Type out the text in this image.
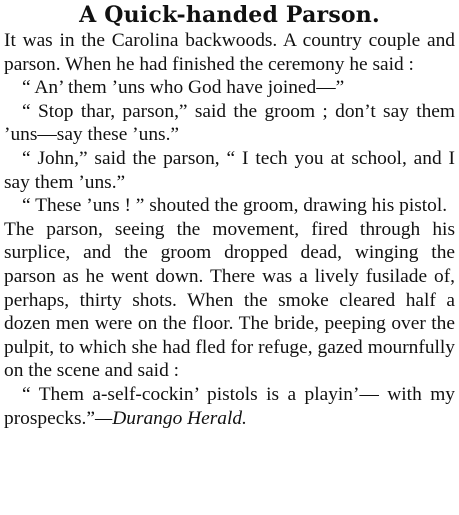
A Quick-handed Parson.

It was in the Carolina backwoods. A country couple and parson. When he had finished the ceremony he said :

“ An’ them ’uns who God have joined—”

“ Stop thar, parson,” said the groom ; don’t say them ’uns—say these ’uns.”

“ John,” said the parson, “ I tech you at school, and I say them ’uns.”

“ These ’uns ! ” shouted the groom, drawing his pistol.

The parson, seeing the movement, fired through his surplice, and the groom dropped dead, winging the parson as he went down. There was a lively fusilade of, perhaps, thirty shots. When the smoke cleared half a dozen men were on the floor. The bride, peeping over the pulpit, to which she had fled for refuge, gazed mournfully on the scene and said :

“ Them a-self-cockin’ pistols is a playin’— with my prospecks.”—Durango Herald.
